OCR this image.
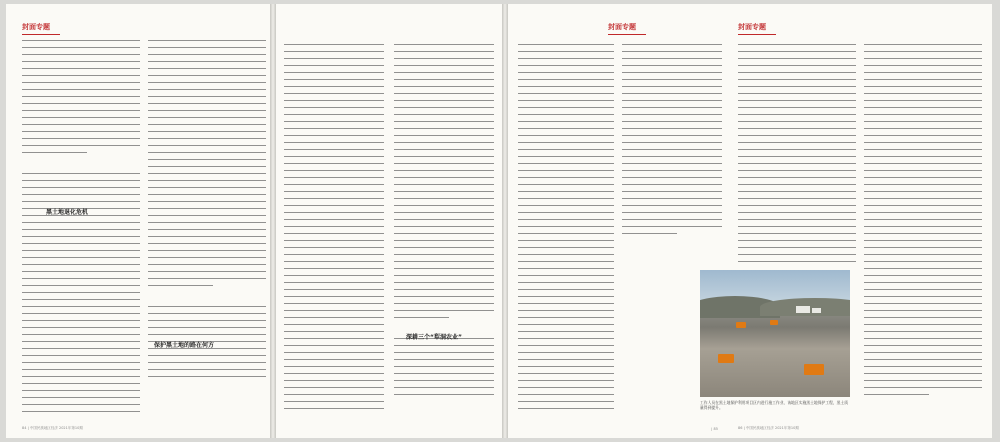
封面专题
黑土地退化危机
保护黑土地的路在何方
84 | 中国民族地区经济 2021年第10期
深耕三个“犁洞农业”
封面专题
| 85
封面专题
86 | 中国民族地区经济 2021年第10期
工作人员在黑土地保护利用项目区内进行施工作业，该地区实施黑土地保护工程，黑土质量得到提升。
